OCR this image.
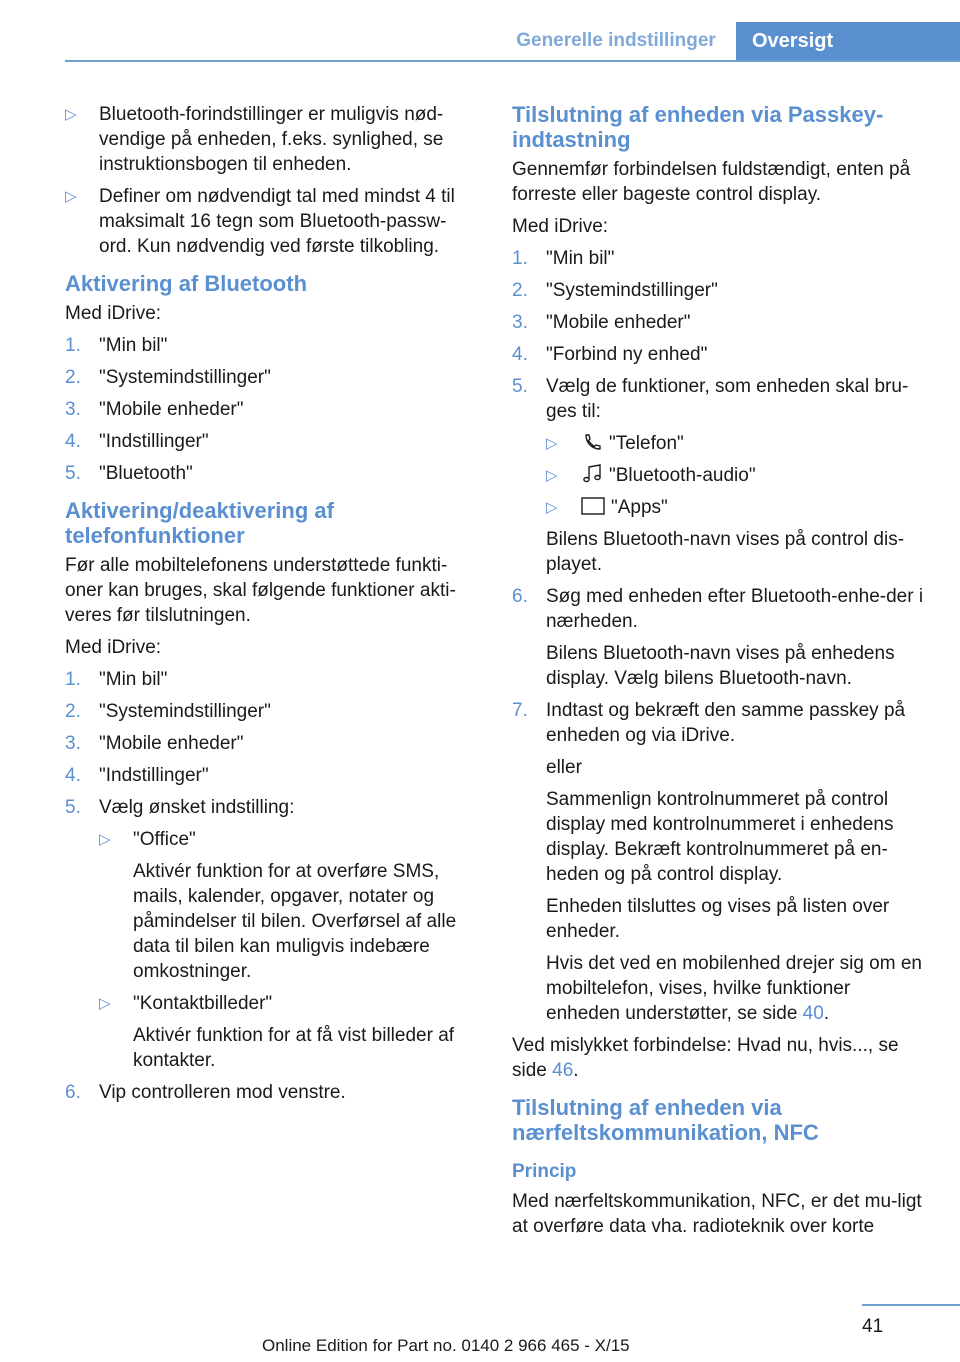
Generelle indstillinger	Oversigt
▷ Bluetooth-forindstillinger er muligvis nød-vendige på enheden, f.eks. synlighed, se instruktionsbogen til enheden.

▷ Definer om nødvendigt tal med mindst 4 til maksimalt 16 tegn som Bluetooth-passw-ord. Kun nødvendig ved første tilkobling.

Aktivering af Bluetooth

Med iDrive:

1. "Min bil"

2. "Systemindstillinger"

3. "Mobile enheder"

4. "Indstillinger"

5. "Bluetooth"

Aktivering/deaktivering af telefonfunktioner

Før alle mobiltelefonens understøttede funkti-oner kan bruges, skal følgende funktioner akti-veres før tilslutningen.

Med iDrive:

1. "Min bil"

2. "Systemindstillinger"

3. "Mobile enheder"

4. "Indstillinger"

5. Vælg ønsket indstilling:

▷ "Office"

Aktivér funktion for at overføre SMS, mails, kalender, opgaver, notater og påmindelser til bilen. Overførsel af alle data til bilen kan muligvis indebære omkostninger.

▷ "Kontaktbilleder"

Aktivér funktion for at få vist billeder af kontakter.

6. Vip controlleren mod venstre.

Tilslutning af enheden via Passkey-indtastning

Gennemfør forbindelsen fuldstændigt, enten på forreste eller bageste control display.

Med iDrive:

1. "Min bil"

2. "Systemindstillinger"

3. "Mobile enheder"

4. "Forbind ny enhed"

5. Vælg de funktioner, som enheden skal bru-ges til:

▷	"Telefon"

▷	"Bluetooth-audio"

▷	"Apps"

Bilens Bluetooth-navn vises på control dis-playet.

6. Søg med enheden efter Bluetooth-enhe-der i nærheden.

Bilens Bluetooth-navn vises på enhedens display. Vælg bilens Bluetooth-navn.

7. Indtast og bekræft den samme passkey på enheden og via iDrive.

eller

Sammenlign kontrolnummeret på control display med kontrolnummeret i enhedens display. Bekræft kontrolnummeret på en-heden og på control display.

Enheden tilsluttes og vises på listen over enheder.

Hvis det ved en mobilenhed drejer sig om en mobiltelefon, vises, hvilke funktioner enheden understøtter, se side 40.

Ved mislykket forbindelse: Hvad nu, hvis..., se side 46.

Tilslutning af enheden via nærfeltskommunikation, NFC
Princip

Med nærfeltskommunikation, NFC, er det mu-ligt at overføre data vha. radioteknik over korte

41
Online Edition for Part no. 0140 2 966 465 - X/15
